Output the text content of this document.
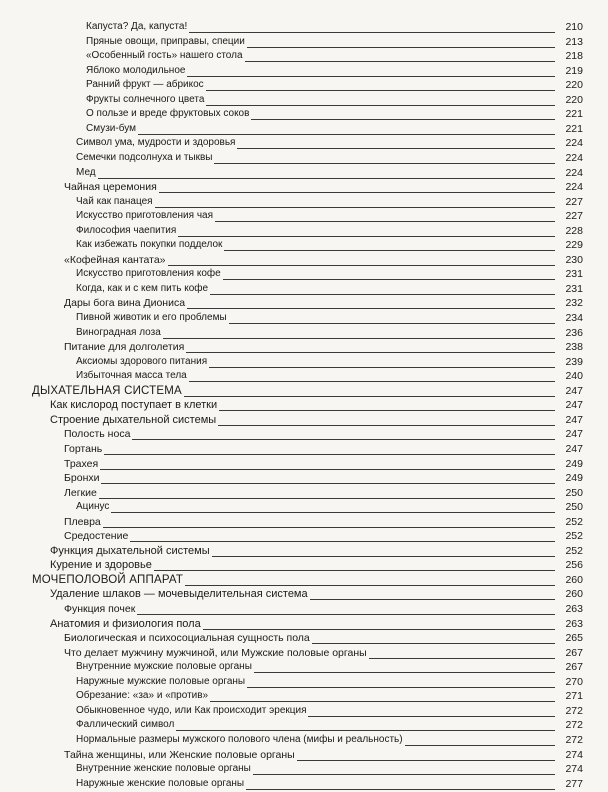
Капуста? Да, капуста!	210
Пряные овощи, приправы, специи	213
«Особенный гость» нашего стола	218
Яблоко молодильное	219
Ранний фрукт — абрикос	220
Фрукты солнечного цвета	220
О пользе и вреде фруктовых соков	221
Смузи-бум	221
Символ ума, мудрости и здоровья	224
Семечки подсолнуха и тыквы	224
Мед	224
Чайная церемония	224
Чай как панацея	227
Искусство приготовления чая	227
Философия чаепития	228
Как избежать покупки подделок	229
«Кофейная кантата»	230
Искусство приготовления кофе	231
Когда, как и с кем пить кофе	231
Дары бога вина Диониса	232
Пивной животик и его проблемы	234
Виноградная лоза	236
Питание для долголетия	238
Аксиомы здорового питания	239
Избыточная масса тела	240
ДЫХАТЕЛЬНАЯ СИСТЕМА	247
Как кислород поступает в клетки	247
Строение дыхательной системы	247
Полость носа	247
Гортань	247
Трахея	249
Бронхи	249
Легкие	250
Ацинус	250
Плевра	252
Средостение	252
Функция дыхательной системы	252
Курение и здоровье	256
МОЧЕПОЛОВОЙ АППАРАТ	260
Удаление шлаков — мочевыделительная система	260
Функция почек	263
Анатомия и физиология пола	263
Биологическая и психосоциальная сущность пола	265
Что делает мужчину мужчиной, или Мужские половые органы	267
Внутренние мужские половые органы	267
Наружные мужские половые органы	270
Обрезание: «за» и «против»	271
Обыкновенное чудо, или Как происходит эрекция	272
Фаллический символ	272
Нормальные размеры мужского полового члена (мифы и реальность)	272
Тайна женщины, или Женские половые органы	274
Внутренние женские половые органы	274
Наружные женские половые органы	277
